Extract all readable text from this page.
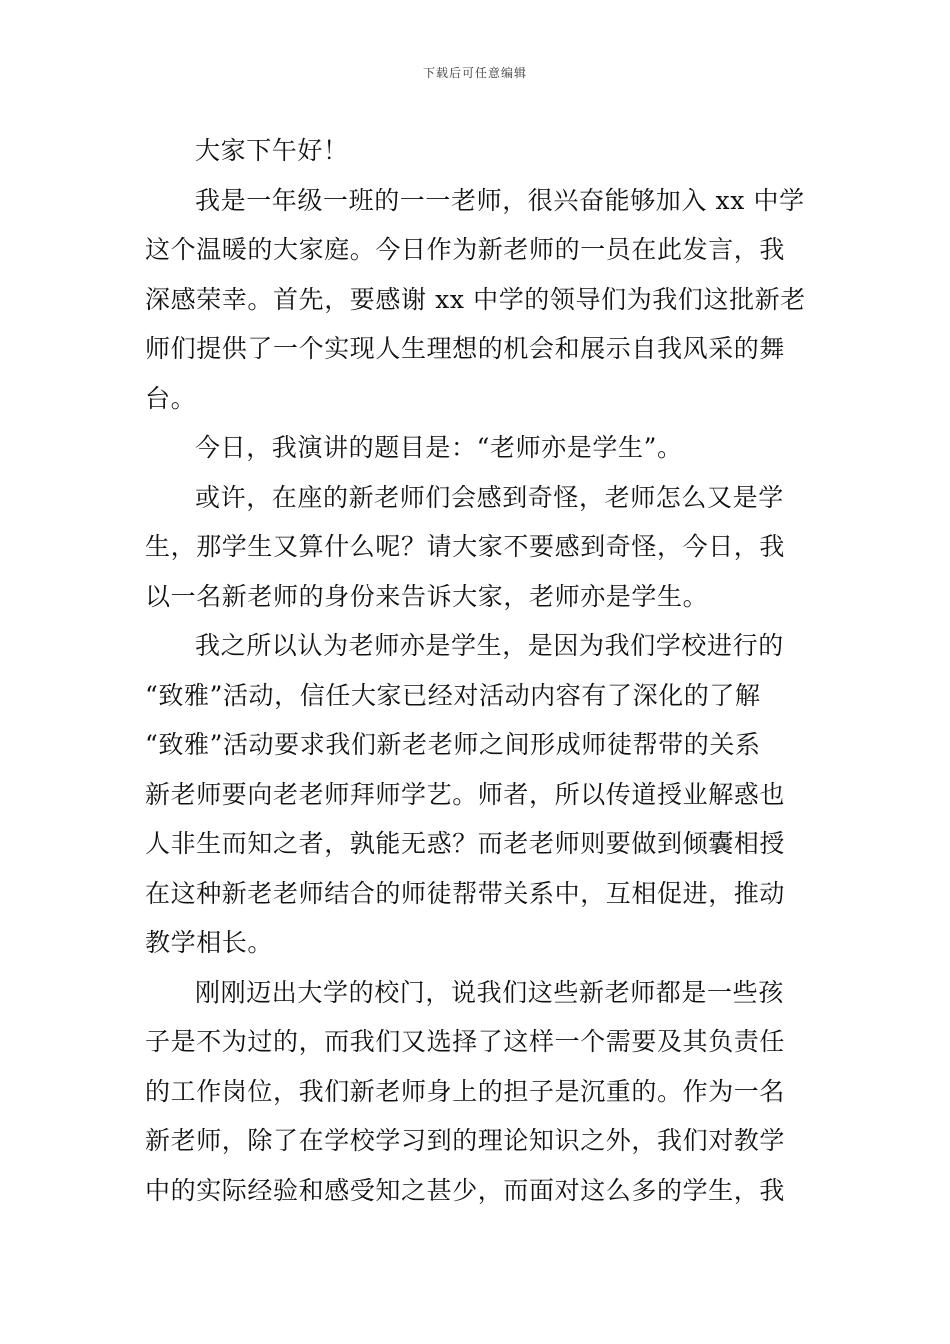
下载后可任意编辑
大家下午好！
我是一年级一班的一一老师，很兴奋能够加入 xx 中学
这个温暖的大家庭。今日作为新老师的一员在此发言，我
深感荣幸。首先，要感谢 xx 中学的领导们为我们这批新老
师们提供了一个实现人生理想的机会和展示自我风采的舞
台。
今日，我演讲的题目是：“老师亦是学生”。
或许，在座的新老师们会感到奇怪，老师怎么又是学
生，那学生又算什么呢？请大家不要感到奇怪，今日，我
以一名新老师的身份来告诉大家，老师亦是学生。
我之所以认为老师亦是学生，是因为我们学校进行的
“致雅”活动，信任大家已经对活动内容有了深化的了解
“致雅”活动要求我们新老老师之间形成师徒帮带的关系
新老师要向老老师拜师学艺。师者，所以传道授业解惑也
人非生而知之者，孰能无惑？而老老师则要做到倾囊相授
在这种新老老师结合的师徒帮带关系中，互相促进，推动
教学相长。
刚刚迈出大学的校门，说我们这些新老师都是一些孩
子是不为过的，而我们又选择了这样一个需要及其负责任
的工作岗位，我们新老师身上的担子是沉重的。作为一名
新老师，除了在学校学习到的理论知识之外，我们对教学
中的实际经验和感受知之甚少，而面对这么多的学生，我
